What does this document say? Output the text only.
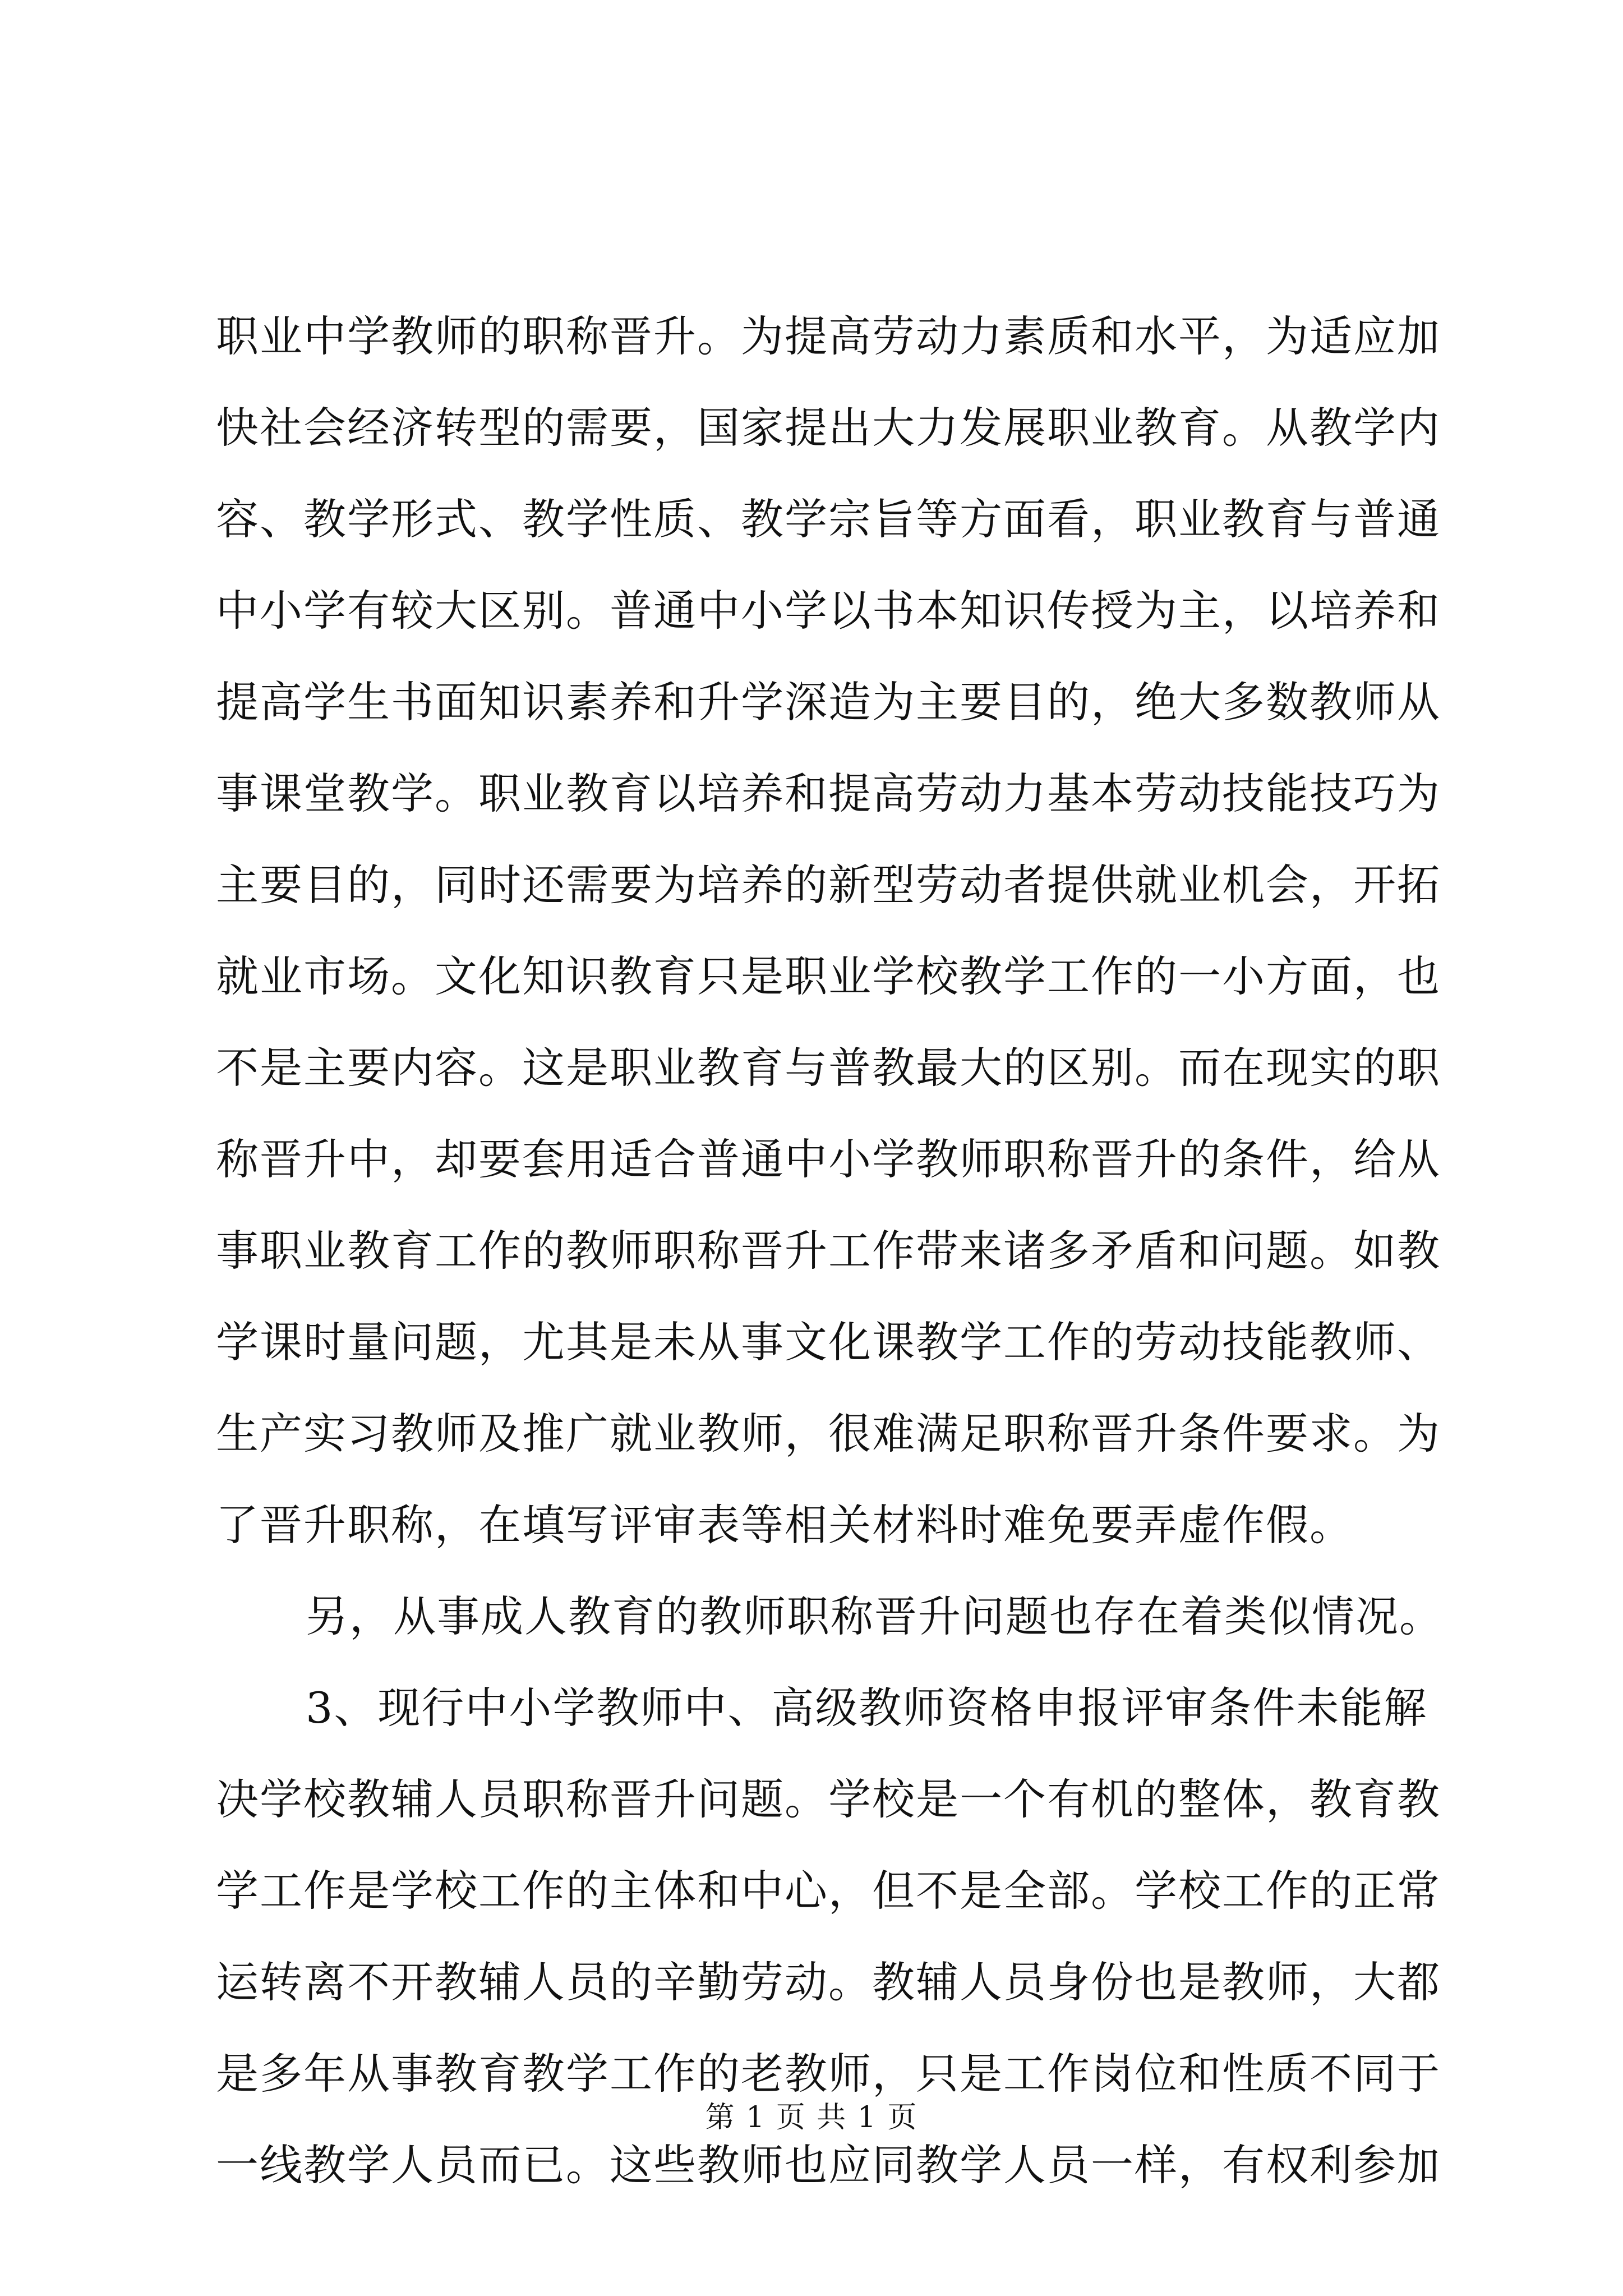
职业中学教师的职称晋升。为提高劳动力素质和水平，为适应加
快社会经济转型的需要，国家提出大力发展职业教育。从教学内
容、教学形式、教学性质、教学宗旨等方面看，职业教育与普通
中小学有较大区别。普通中小学以书本知识传授为主，以培养和
提高学生书面知识素养和升学深造为主要目的，绝大多数教师从
事课堂教学。职业教育以培养和提高劳动力基本劳动技能技巧为
主要目的，同时还需要为培养的新型劳动者提供就业机会，开拓
就业市场。文化知识教育只是职业学校教学工作的一小方面，也
不是主要内容。这是职业教育与普教最大的区别。而在现实的职
称晋升中，却要套用适合普通中小学教师职称晋升的条件，给从
事职业教育工作的教师职称晋升工作带来诸多矛盾和问题。如教
学课时量问题，尤其是未从事文化课教学工作的劳动技能教师、
生产实习教师及推广就业教师，很难满足职称晋升条件要求。为
了晋升职称，在填写评审表等相关材料时难免要弄虚作假。
另，从事成人教育的教师职称晋升问题也存在着类似情况。
3、现行中小学教师中、高级教师资格申报评审条件未能解
决学校教辅人员职称晋升问题。学校是一个有机的整体，教育教
学工作是学校工作的主体和中心，但不是全部。学校工作的正常
运转离不开教辅人员的辛勤劳动。教辅人员身份也是教师，大都
是多年从事教育教学工作的老教师，只是工作岗位和性质不同于
一线教学人员而已。这些教师也应同教学人员一样，有权利参加
第 1 页 共 1 页
